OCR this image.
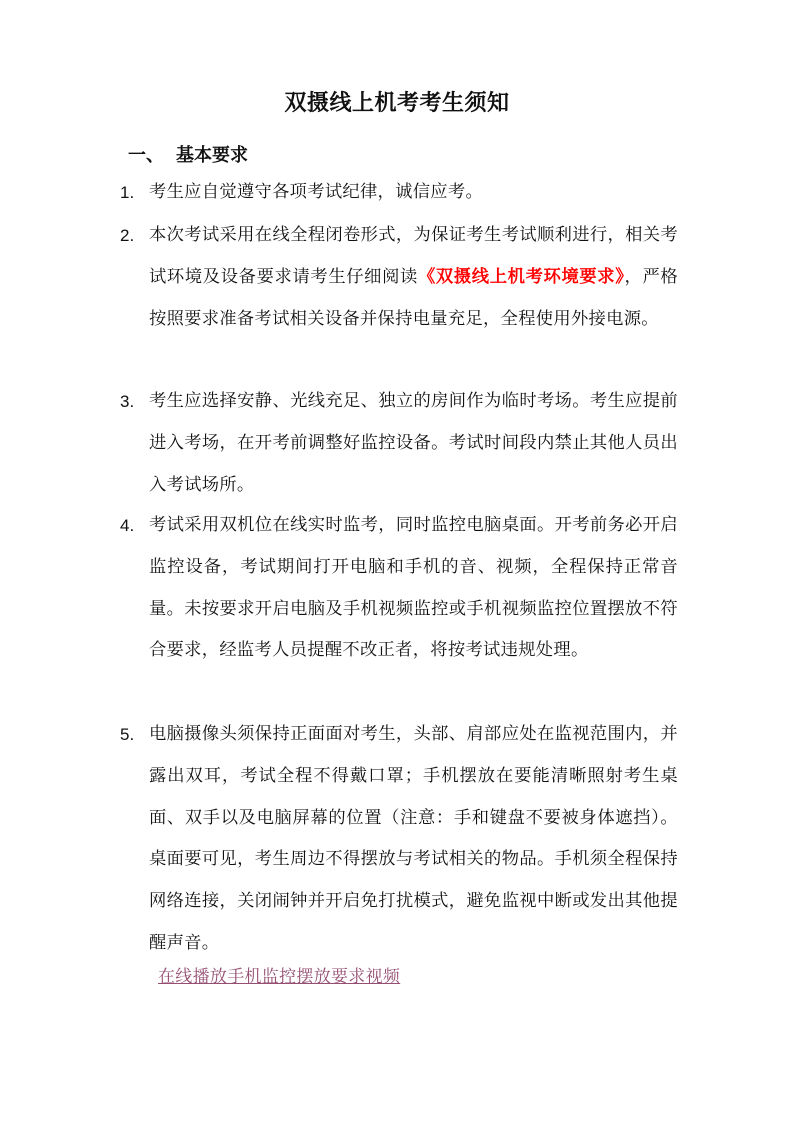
双摄线上机考考生须知
一、 基本要求
1. 考生应自觉遵守各项考试纪律，诚信应考。
2. 本次考试采用在线全程闭卷形式，为保证考生考试顺利进行，相关考试环境及设备要求请考生仔细阅读《双摄线上机考环境要求》，严格按照要求准备考试相关设备并保持电量充足，全程使用外接电源。
3. 考生应选择安静、光线充足、独立的房间作为临时考场。考生应提前进入考场，在开考前调整好监控设备。考试时间段内禁止其他人员出入考试场所。
4. 考试采用双机位在线实时监考，同时监控电脑桌面。开考前务必开启监控设备，考试期间打开电脑和手机的音、视频，全程保持正常音量。未按要求开启电脑及手机视频监控或手机视频监控位置摆放不符合要求，经监考人员提醒不改正者，将按考试违规处理。
5. 电脑摄像头须保持正面面对考生，头部、肩部应处在监视范围内，并露出双耳，考试全程不得戴口罩；手机摆放在要能清晰照射考生桌面、双手以及电脑屏幕的位置（注意：手和键盘不要被身体遮挡）。桌面要可见，考生周边不得摆放与考试相关的物品。手机须全程保持网络连接，关闭闹钟并开启免打扰模式，避免监视中断或发出其他提醒声音。
在线播放手机监控摆放要求视频
